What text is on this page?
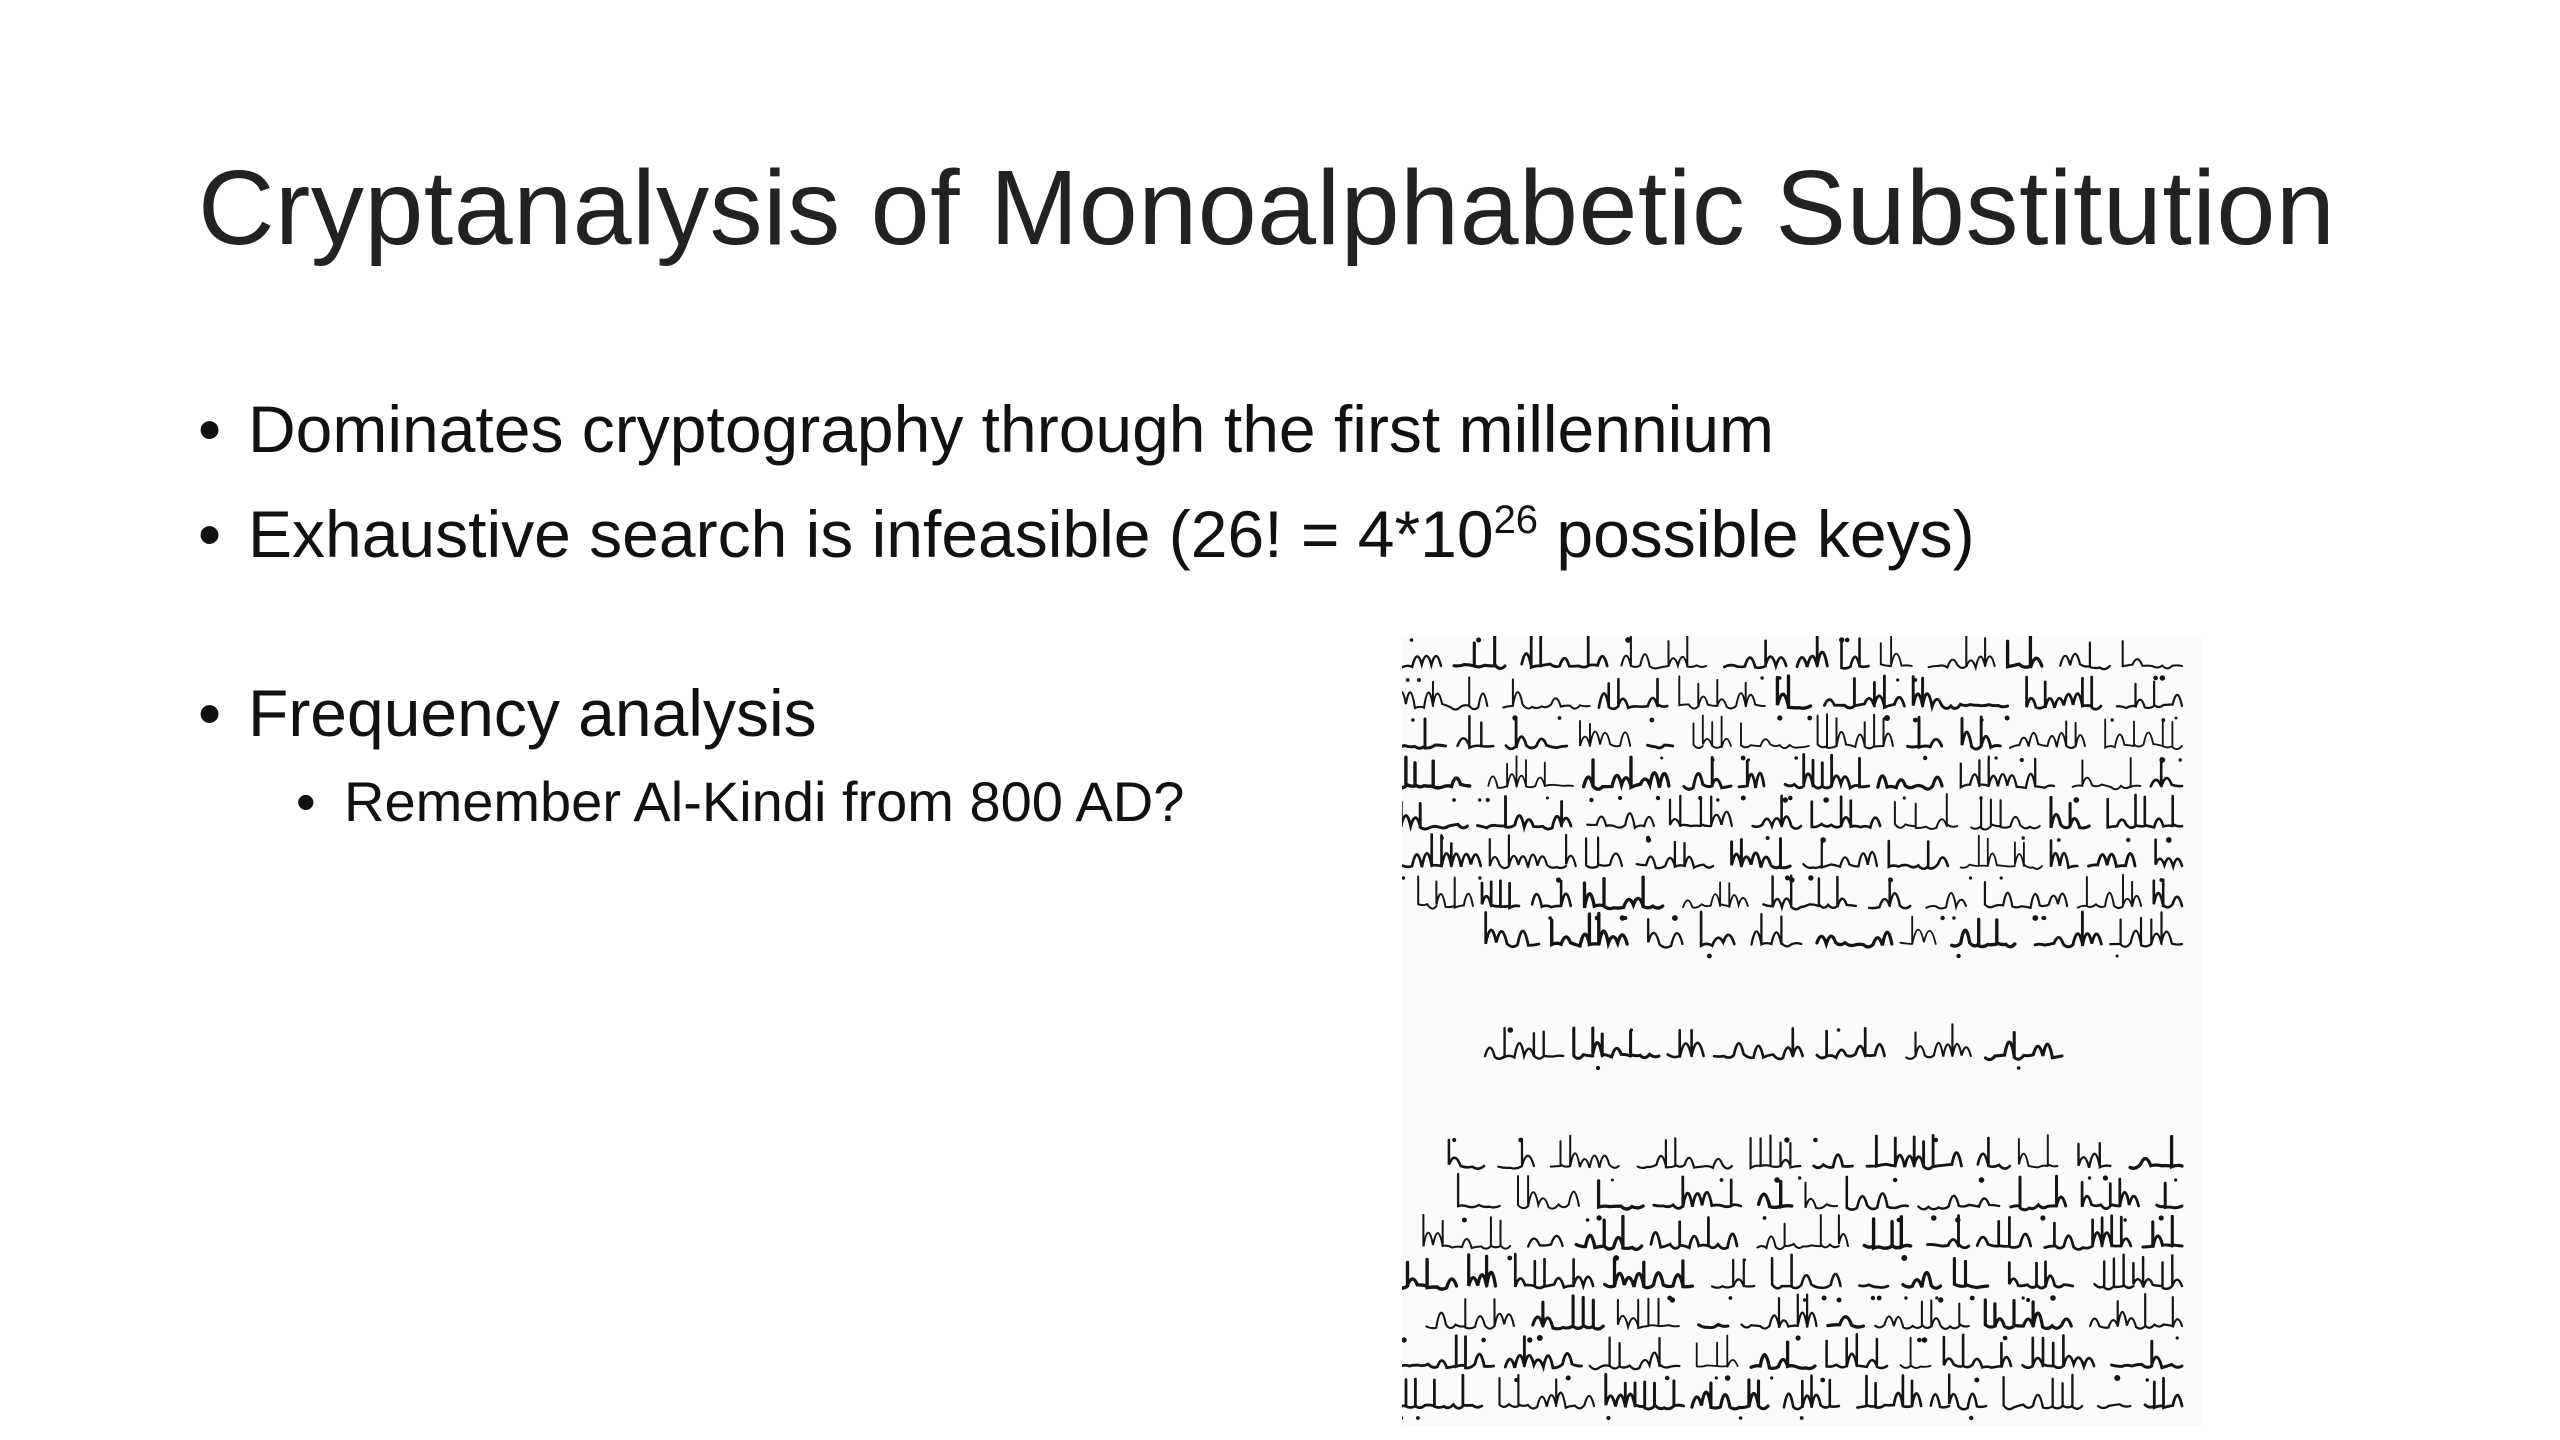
Cryptanalysis of Monoalphabetic Substitution
• Dominates cryptography through the first millennium
• Exhaustive search is infeasible (26! = $4*10^{26}$ possible keys)
• Frequency analysis
• Remember Al-Kindi from 800 AD?
